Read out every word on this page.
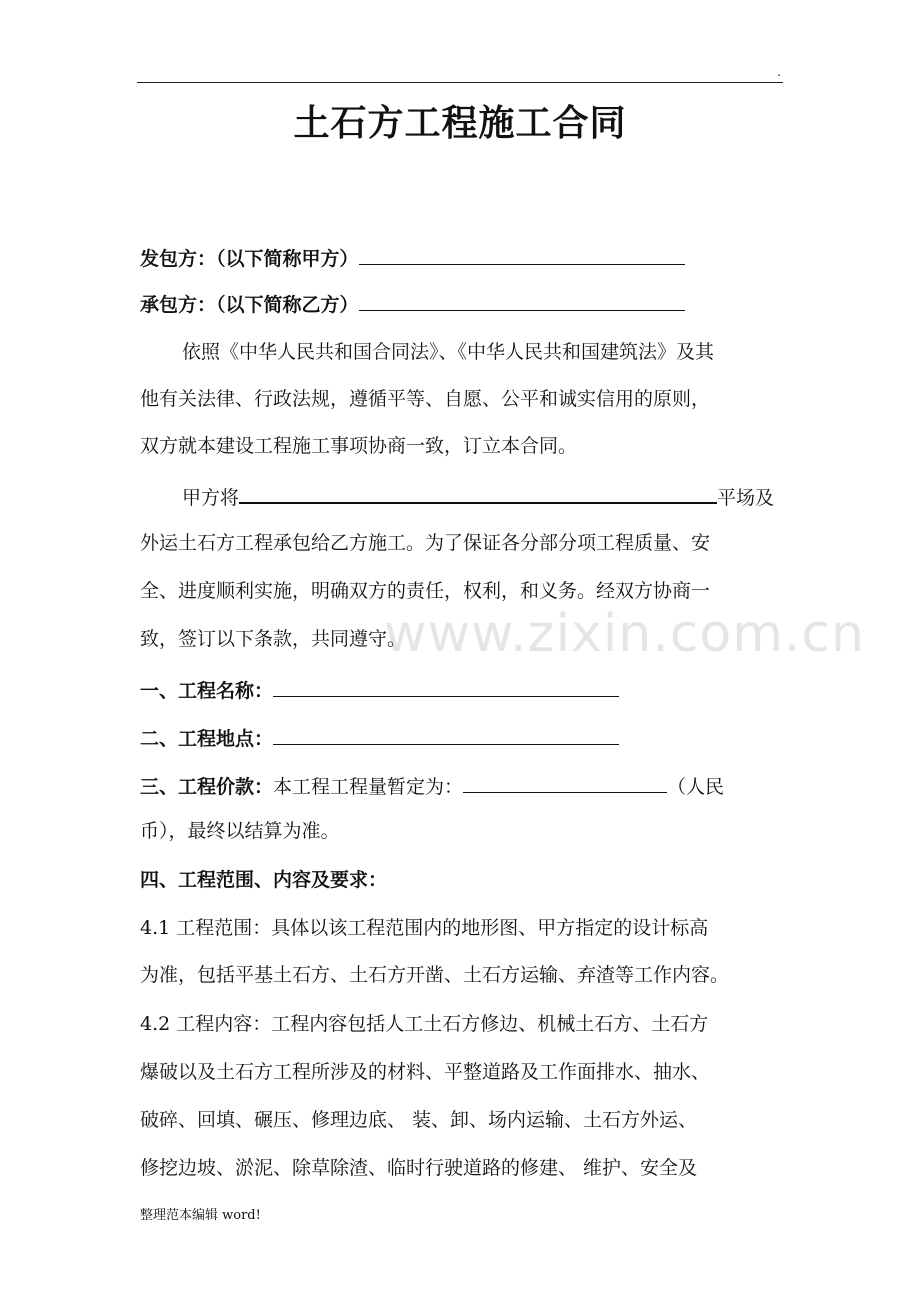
.
土石方工程施工合同
发包方：（以下简称甲方）
承包方：（以下简称乙方）
依照《中华人民共和国合同法》、《中华人民共和国建筑法》及其
他有关法律、行政法规，遵循平等、自愿、公平和诚实信用的原则，
双方就本建设工程施工事项协商一致，订立本合同。
甲方将	平场及
外运土石方工程承包给乙方施工。为了保证各分部分项工程质量、安
全、进度顺利实施，明确双方的责任，权利，和义务。经双方协商一
致，签订以下条款，共同遵守。
一、工程名称：
二、工程地点：
三、工程价款：本工程工程量暂定为：	（人民
币），最终以结算为准。
四、工程范围、内容及要求：
4.1 工程范围：具体以该工程范围内的地形图、甲方指定的设计标高
为准，包括平基土石方、土石方开凿、土石方运输、弃渣等工作内容。
4.2 工程内容：工程内容包括人工土石方修边、机械土石方、土石方
爆破以及土石方工程所涉及的材料、平整道路及工作面排水、抽水、
破碎、回填、碾压、修理边底、 装、卸、场内运输、土石方外运、
修挖边坡、淤泥、除草除渣、临时行驶道路的修建、 维护、安全及
www.zixin.com.cn
整理范本编辑 word!
